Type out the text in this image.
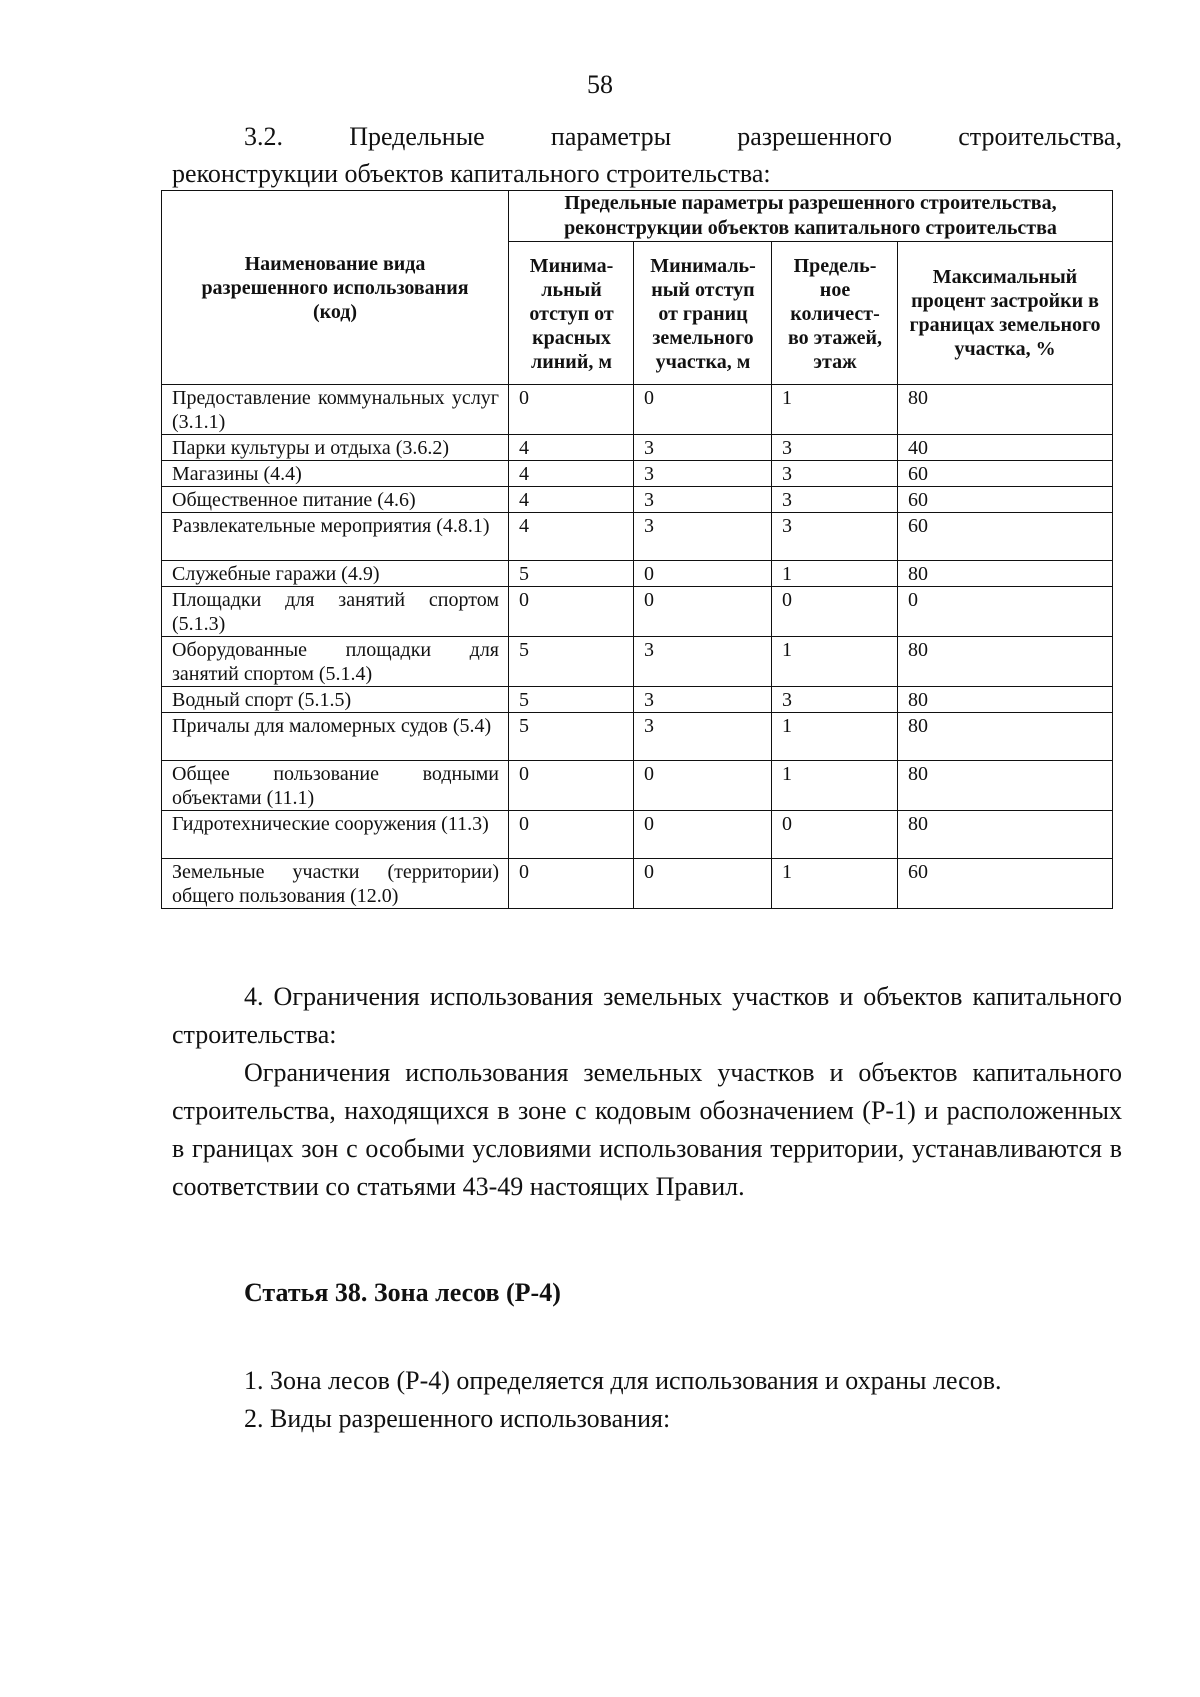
58
3.2.	Предельные	параметры	разрешенного	строительства,
реконструкции объектов капитального строительства:
Наименование вида разрешенного использования (код)	Предельные параметры разрешенного строительства, реконструкции объектов капитального строительства			
	Минима-льный отступ от красных линий, м	Минималь-ный отступ от границ земельного участка, м	Предель-ное количест-во этажей, этаж	Максимальный процент застройки в границах земельного участка, %
Предоставление коммунальных услуг (3.1.1)	0	0	1	80
Парки культуры и отдыха (3.6.2)	4	3	3	40
Магазины (4.4)	4	3	3	60
Общественное питание (4.6)	4	3	3	60
Развлекательные мероприятия (4.8.1)	4	3	3	60
Служебные гаражи (4.9)	5	0	1	80
Площадки для занятий спортом (5.1.3)	0	0	0	0
Оборудованные площадки для занятий спортом (5.1.4)	5	3	1	80
Водный спорт (5.1.5)	5	3	3	80
Причалы для маломерных судов (5.4)	5	3	1	80
Общее пользование водными объектами (11.1)	0	0	1	80
Гидротехнические сооружения (11.3)	0	0	0	80
Земельные участки (территории) общего пользования (12.0)	0	0	1	60

4. Ограничения использования земельных участков и объектов капитального строительства:

Ограничения использования земельных участков и объектов капитального строительства, находящихся в зоне с кодовым обозначением (Р-1) и расположенных в границах зон с особыми условиями использования территории, устанавливаются в соответствии со статьями 43-49 настоящих Правил.

Статья 38. Зона лесов (Р-4)
1. Зона лесов (Р-4) определяется для использования и охраны лесов.
2. Виды разрешенного использования:
